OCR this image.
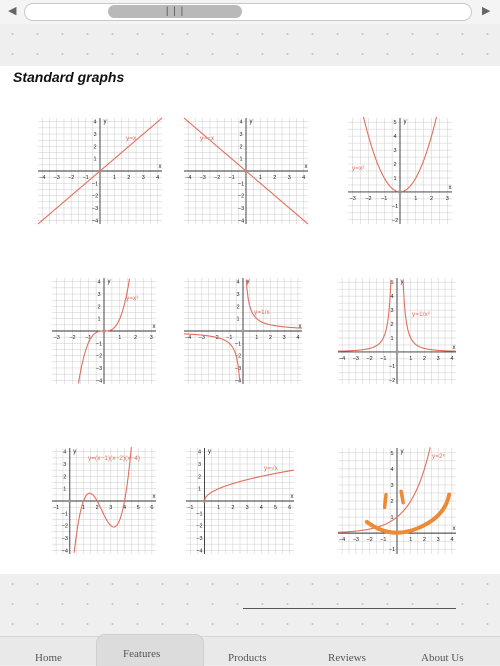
◀	| | |	▶
Standard graphs
x
y
−4 −3 −2 −1	1 2 3 4
−4
−3
−2
−1
1
2
3
4
y=x
x
y
−4 −3 −2 −1	1 2 3 4
−4
−3
−2
−1
1
2
3
4
y=−x
x
y
−3 −2 −1	1 2 3
−2
−1
1
2
3
4
5
y=x²
x
y
−3 −2 −1	1 2 3
−4
−3
−2
−1
1
2
3
4
y=x³
x
y
−4 −3 −2 −1	1 2 3 4
−4
−3
−2
−1
1
2
3
4
y=1/x
x
y
−4 −3 −2 −1	1 2 3 4
−2
−1
1
2
3
4
5
y=1/x²
x
y
−1	1 2 3 4 5 6
−4
−3
−2
−1
1
2
3
4
y=(x−1)(x−2)(x−4)
x
y
−1	1 2 3 4 5 6
−4
−3
−2
−1
1
2
3
4
y=√x
x
y
−4 −3 −2 −1	1 2 3 4
−1
1
2
3
4
5	y=2ˣ
Home	Features	Products	Reviews	About Us
